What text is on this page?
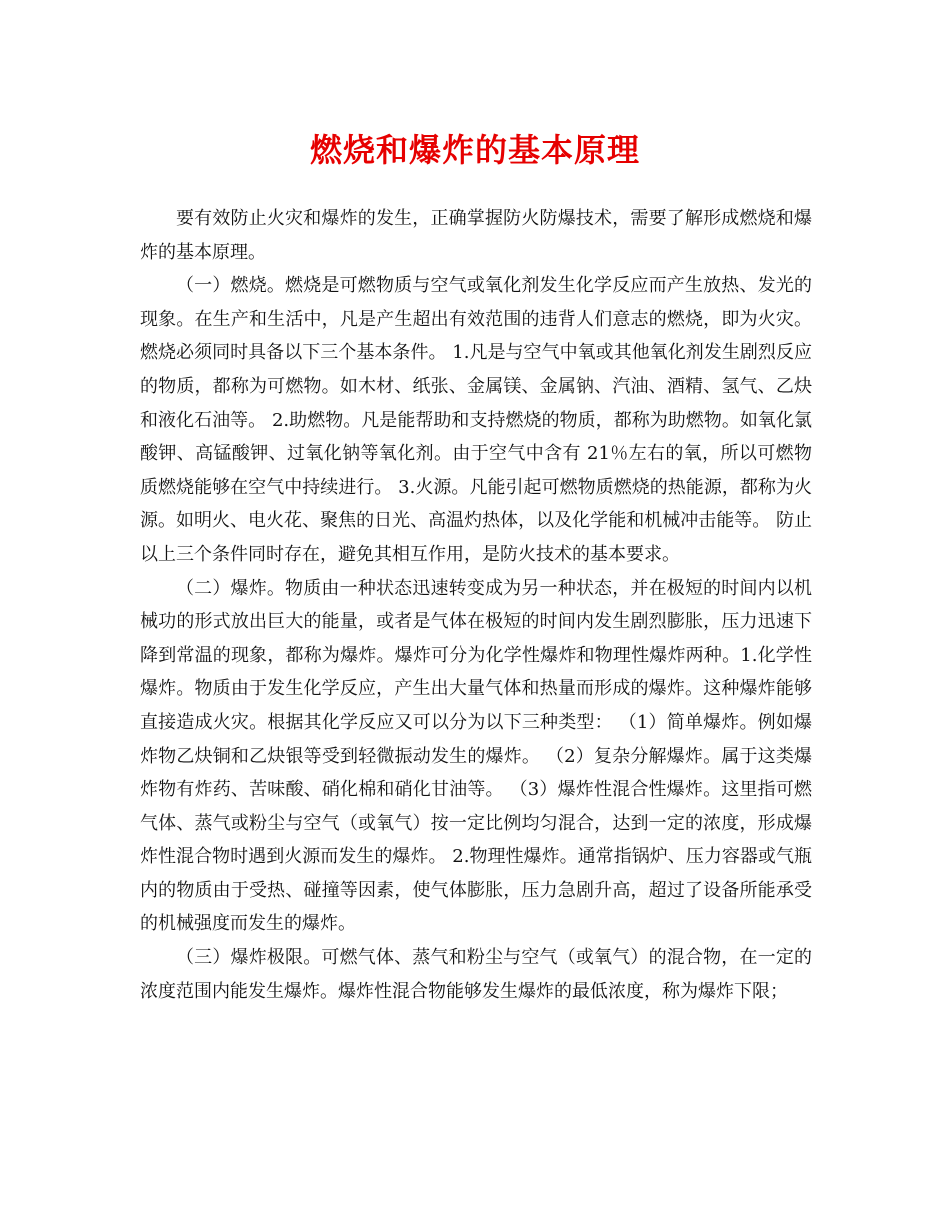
燃烧和爆炸的基本原理

要有效防止火灾和爆炸的发生，正确掌握防火防爆技术，需要了解形成燃烧和爆炸的基本原理。

（一）燃烧。燃烧是可燃物质与空气或氧化剂发生化学反应而产生放热、发光的现象。在生产和生活中，凡是产生超出有效范围的违背人们意志的燃烧，即为火灾。燃烧必须同时具备以下三个基本条件。 1.凡是与空气中氧或其他氧化剂发生剧烈反应的物质，都称为可燃物。如木材、纸张、金属镁、金属钠、汽油、酒精、氢气、乙炔和液化石油等。 2.助燃物。凡是能帮助和支持燃烧的物质，都称为助燃物。如氧化氯酸钾、高锰酸钾、过氧化钠等氧化剂。由于空气中含有 21％左右的氧，所以可燃物质燃烧能够在空气中持续进行。 3.火源。凡能引起可燃物质燃烧的热能源，都称为火源。如明火、电火花、聚焦的日光、高温灼热体，以及化学能和机械冲击能等。 防止以上三个条件同时存在，避免其相互作用，是防火技术的基本要求。

（二）爆炸。物质由一种状态迅速转变成为另一种状态，并在极短的时间内以机械功的形式放出巨大的能量，或者是气体在极短的时间内发生剧烈膨胀，压力迅速下降到常温的现象，都称为爆炸。爆炸可分为化学性爆炸和物理性爆炸两种。1.化学性爆炸。物质由于发生化学反应，产生出大量气体和热量而形成的爆炸。这种爆炸能够直接造成火灾。根据其化学反应又可以分为以下三种类型： （1）简单爆炸。例如爆炸物乙炔铜和乙炔银等受到轻微振动发生的爆炸。 （2）复杂分解爆炸。属于这类爆炸物有炸药、苦味酸、硝化棉和硝化甘油等。 （3）爆炸性混合性爆炸。这里指可燃气体、蒸气或粉尘与空气（或氧气）按一定比例均匀混合，达到一定的浓度，形成爆炸性混合物时遇到火源而发生的爆炸。 2.物理性爆炸。通常指锅炉、压力容器或气瓶内的物质由于受热、碰撞等因素，使气体膨胀，压力急剧升高，超过了设备所能承受的机械强度而发生的爆炸。

（三）爆炸极限。可燃气体、蒸气和粉尘与空气（或氧气）的混合物，在一定的浓度范围内能发生爆炸。爆炸性混合物能够发生爆炸的最低浓度，称为爆炸下限；
